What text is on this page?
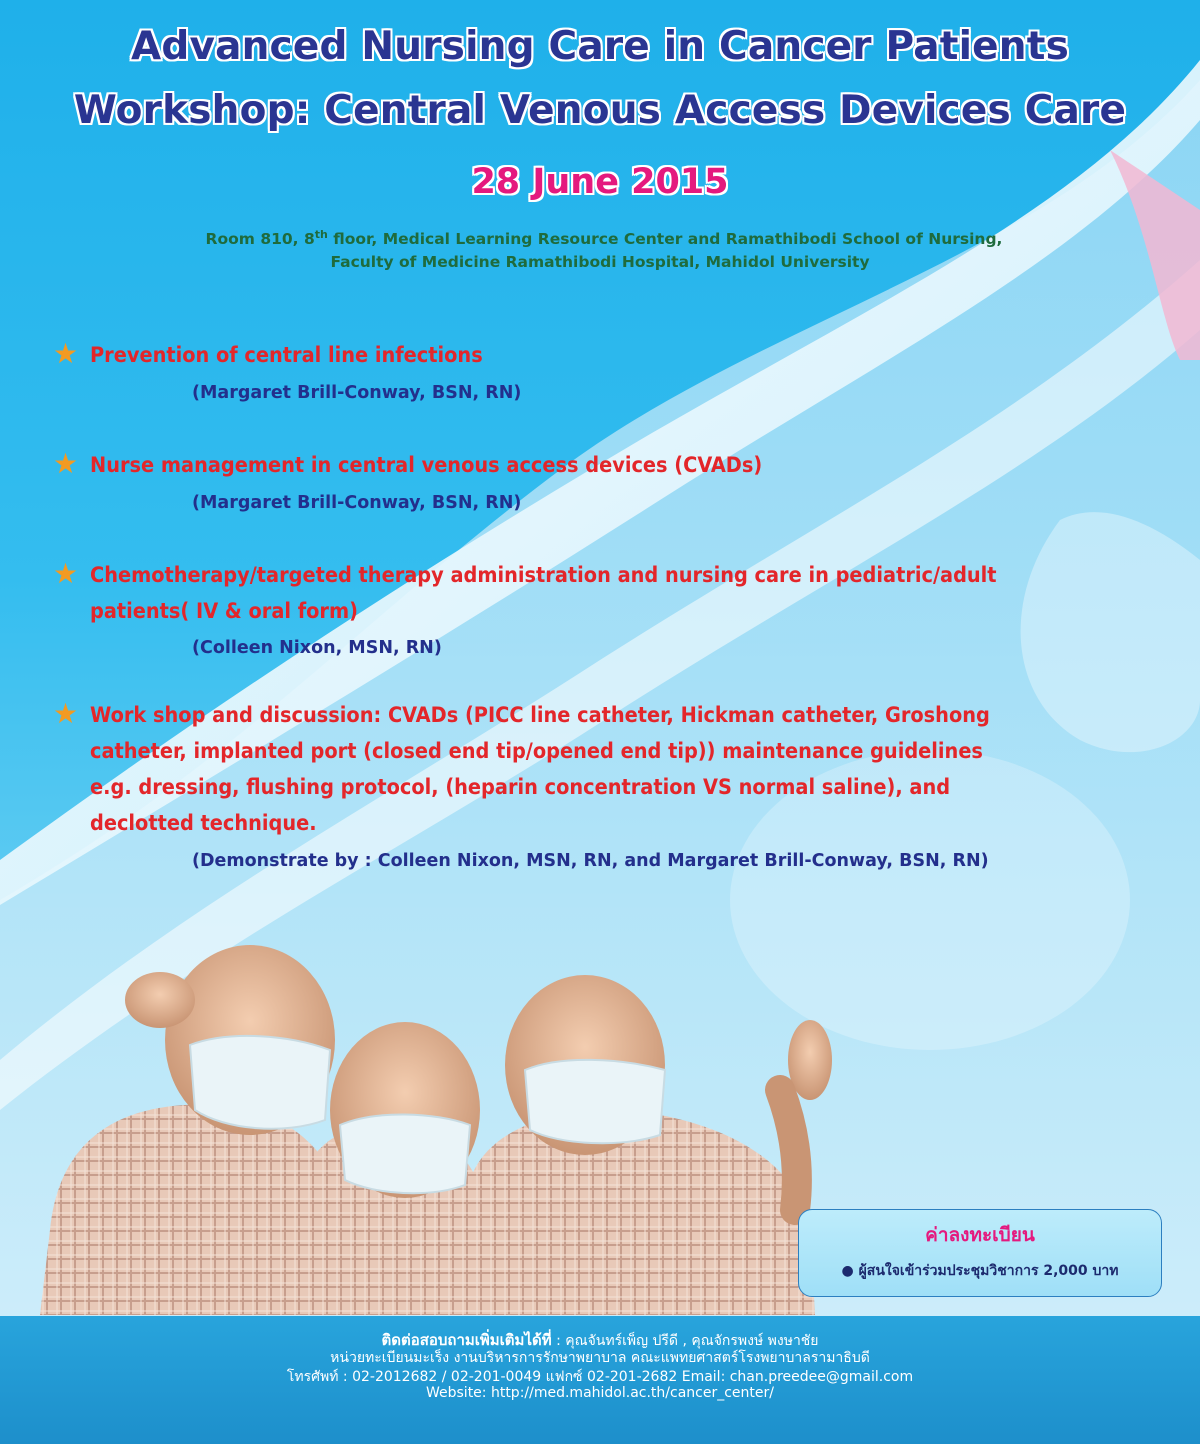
Advanced Nursing Care in Cancer Patients
Workshop: Central Venous Access Devices Care
28 June 2015
Room 810, 8th floor, Medical Learning Resource Center and Ramathibodi School of Nursing,
Faculty of Medicine Ramathibodi Hospital, Mahidol University
★ Prevention of central line infections
(Margaret Brill-Conway, BSN, RN)
★ Nurse management in central venous access devices (CVADs)
(Margaret Brill-Conway, BSN, RN)
★ Chemotherapy/targeted therapy administration and nursing care in pediatric/adult
patients( IV & oral form)
(Colleen Nixon, MSN, RN)
★ Work shop and discussion: CVADs (PICC line catheter, Hickman catheter, Groshong
catheter, implanted port (closed end tip/opened end tip)) maintenance guidelines
e.g. dressing, flushing protocol, (heparin concentration VS normal saline), and
declotted technique.
(Demonstrate by : Colleen Nixon, MSN, RN, and Margaret Brill-Conway, BSN, RN)
ค่าลงทะเบียน
● ผู้สนใจเข้าร่วมประชุมวิชาการ 2,000 บาท
ติดต่อสอบถามเพิ่มเติมได้ที่ : คุณจันทร์เพ็ญ ปรีดี , คุณจักรพงษ์ พงษาชัย
หน่วยทะเบียนมะเร็ง งานบริหารการรักษาพยาบาล คณะแพทยศาสตร์โรงพยาบาลรามาธิบดี
โทรศัพท์ : 02-2012682 / 02-201-0049 แฟกซ์ 02-201-2682 Email: chan.preedee@gmail.com
Website: http://med.mahidol.ac.th/cancer_center/
